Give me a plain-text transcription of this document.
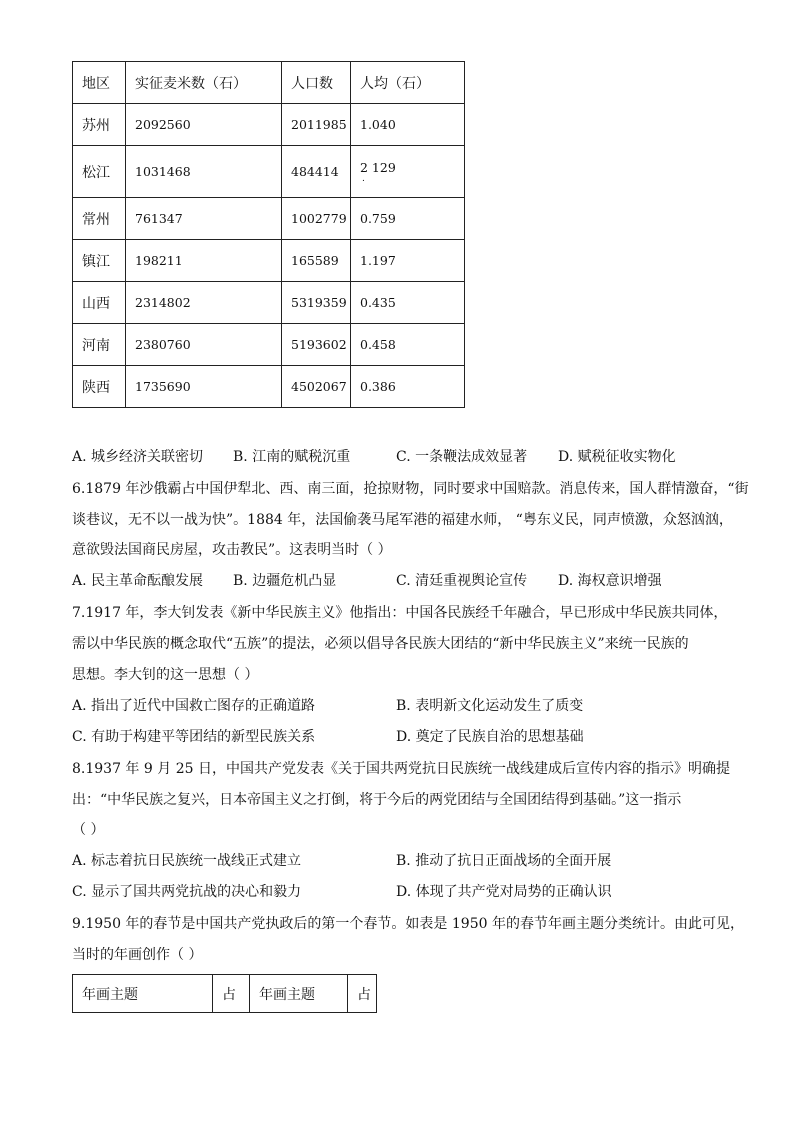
地区	实征麦米数（石）	人口数	人均（石）
苏州	2092560	2011985	1.040
松江	1031468	484414	2 129
.

常州	761347	1002779	0.759
镇江	198211	165589	1.197
山西	2314802	5319359	0.435
河南	2380760	5193602	0.458
陕西	1735690	4502067	0.386
A. 城乡经济关联密切 B. 江南的赋税沉重	C. 一条鞭法成效显著 D. 赋税征收实物化
6.1879 年沙俄霸占中国伊犁北、西、南三面，抢掠财物，同时要求中国赔款。消息传来，国人群情激奋，“街
谈巷议，无不以一战为快”。1884 年，法国偷袭马尾军港的福建水师， “粤东义民，同声愤激，众怒汹汹，
意欲毁法国商民房屋，攻击教民”。这表明当时（ ）
A. 民主革命酝酿发展 B. 边疆危机凸显	C. 清廷重视舆论宣传 D. 海权意识增强
7.1917 年，李大钊发表《新中华民族主义》他指出：中国各民族经千年融合，早已形成中华民族共同体，
需以中华民族的概念取代“五族”的提法，必须以倡导各民族大团结的“新中华民族主义”来统一民族的
思想。李大钊的这一思想（ ）
A. 指出了近代中国救亡图存的正确道路	B. 表明新文化运动发生了质变
C. 有助于构建平等团结的新型民族关系	D. 奠定了民族自治的思想基础
8.1937 年 9 月 25 日，中国共产党发表《关于国共两党抗日民族统一战线建成后宣传内容的指示》明确提
出：“中华民族之复兴，日本帝国主义之打倒，将于今后的两党团结与全国团结得到基础。”这一指示
（ ）
A. 标志着抗日民族统一战线正式建立	B. 推动了抗日正面战场的全面开展
C. 显示了国共两党抗战的决心和毅力	D. 体现了共产党对局势的正确认识
9.1950 年的春节是中国共产党执政后的第一个春节。如表是 1950 年的春节年画主题分类统计。由此可见，
当时的年画创作（ ）
年画主题	占	年画主题	占
